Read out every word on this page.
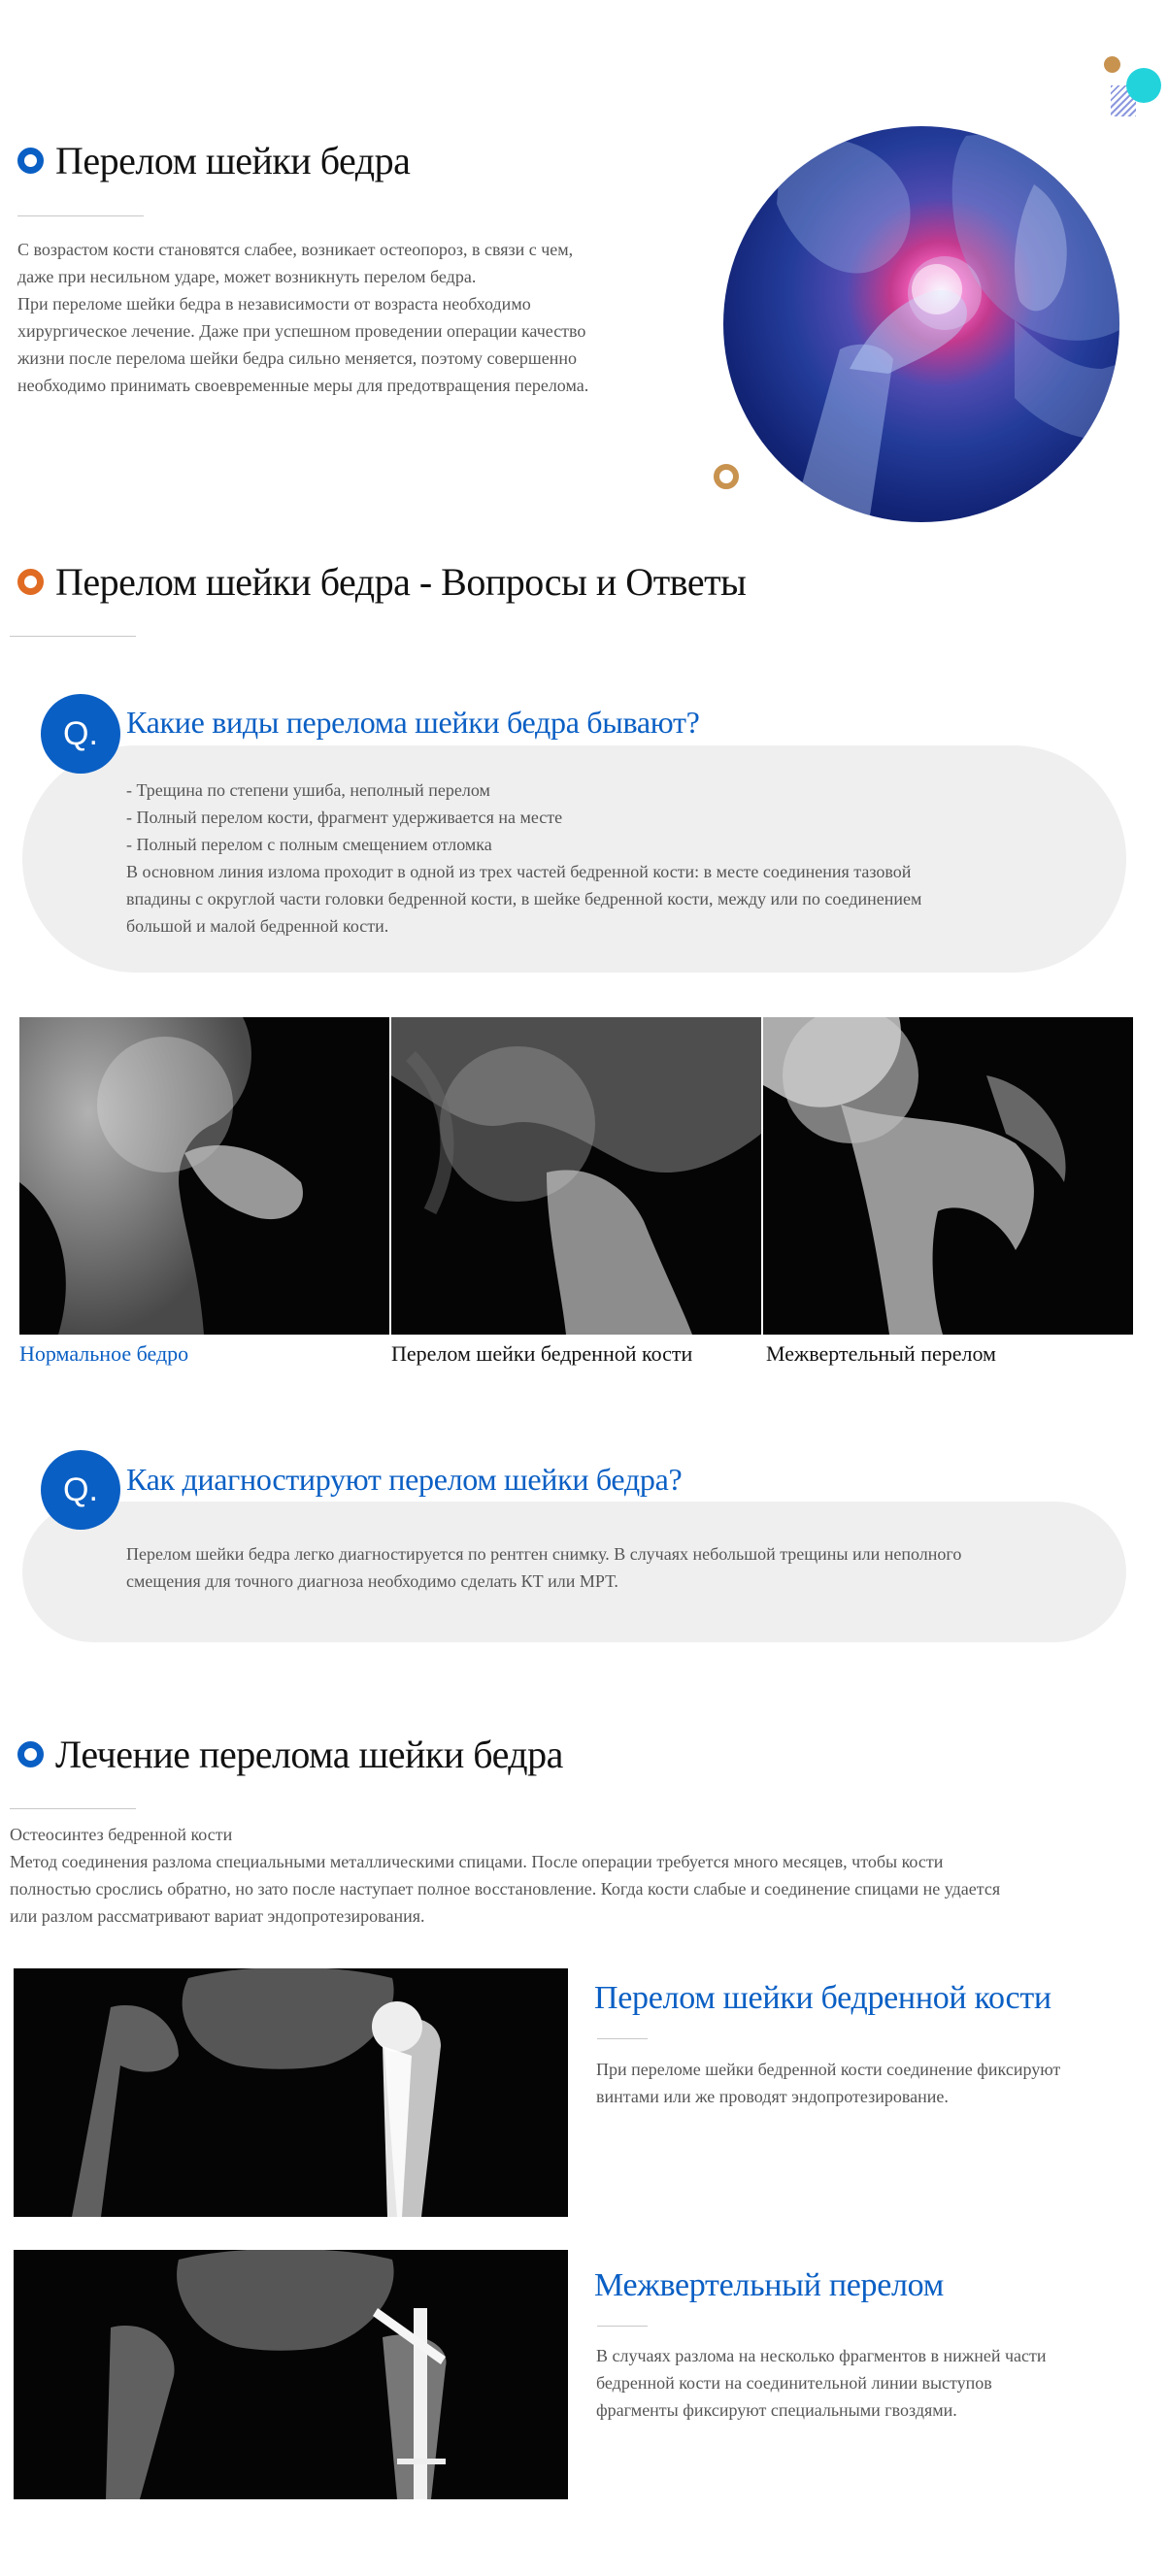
Перелом шейки бедра

С возрастом кости становятся слабее, возникает остеопороз, в связи с чем,

даже при несильном ударе, может возникнуть перелом бедра.

При переломе шейки бедра в независимости от возраста необходимо

хирургическое лечение. Даже при успешном проведении операции качество

жизни после перелома шейки бедра сильно меняется, поэтому совершенно

необходимо принимать своевременные меры для предотвращения перелома.

Перелом шейки бедра - Вопросы и Ответы
Q. Какие виды перелома шейки бедра бывают?
- Трещина по степени ушиба, неполный перелом
- Полный перелом кости, фрагмент удерживается на месте
- Полный перелом с полным смещением отломка
В основном линия излома проходит в одной из трех частей бедренной кости: в месте соединения тазовой
впадины с округлой части головки бедренной кости, в шейке бедренной кости, между или по соединением
большой и малой бедренной кости.
Нормальное бедро	Перелом шейки бедренной кости	Межвертельный перелом
Q. Как диагностируют перелом шейки бедра?
Перелом шейки бедра легко диагностируется по рентген снимку. В случаях небольшой трещины или неполного
смещения для точного диагноза необходимо сделать КТ или МРТ.
Лечение перелома шейки бедра

Остеосинтез бедренной кости

Метод соединения разлома специальными металлическими спицами. После операции требуется много месяцев, чтобы кости

полностью срослись обратно, но зато после наступает полное восстановление. Когда кости слабые и соединение спицами не удается

или разлом рассматривают вариат эндопротезирования.

Перелом шейки бедренной кости
При переломе шейки бедренной кости соединение фиксируют
винтами или же проводят эндопротезирование.
Межвертельный перелом
В случаях разлома на несколько фрагментов в нижней части
бедренной кости на соединительной линии выступов
фрагменты фиксируют специальными гвоздями.
